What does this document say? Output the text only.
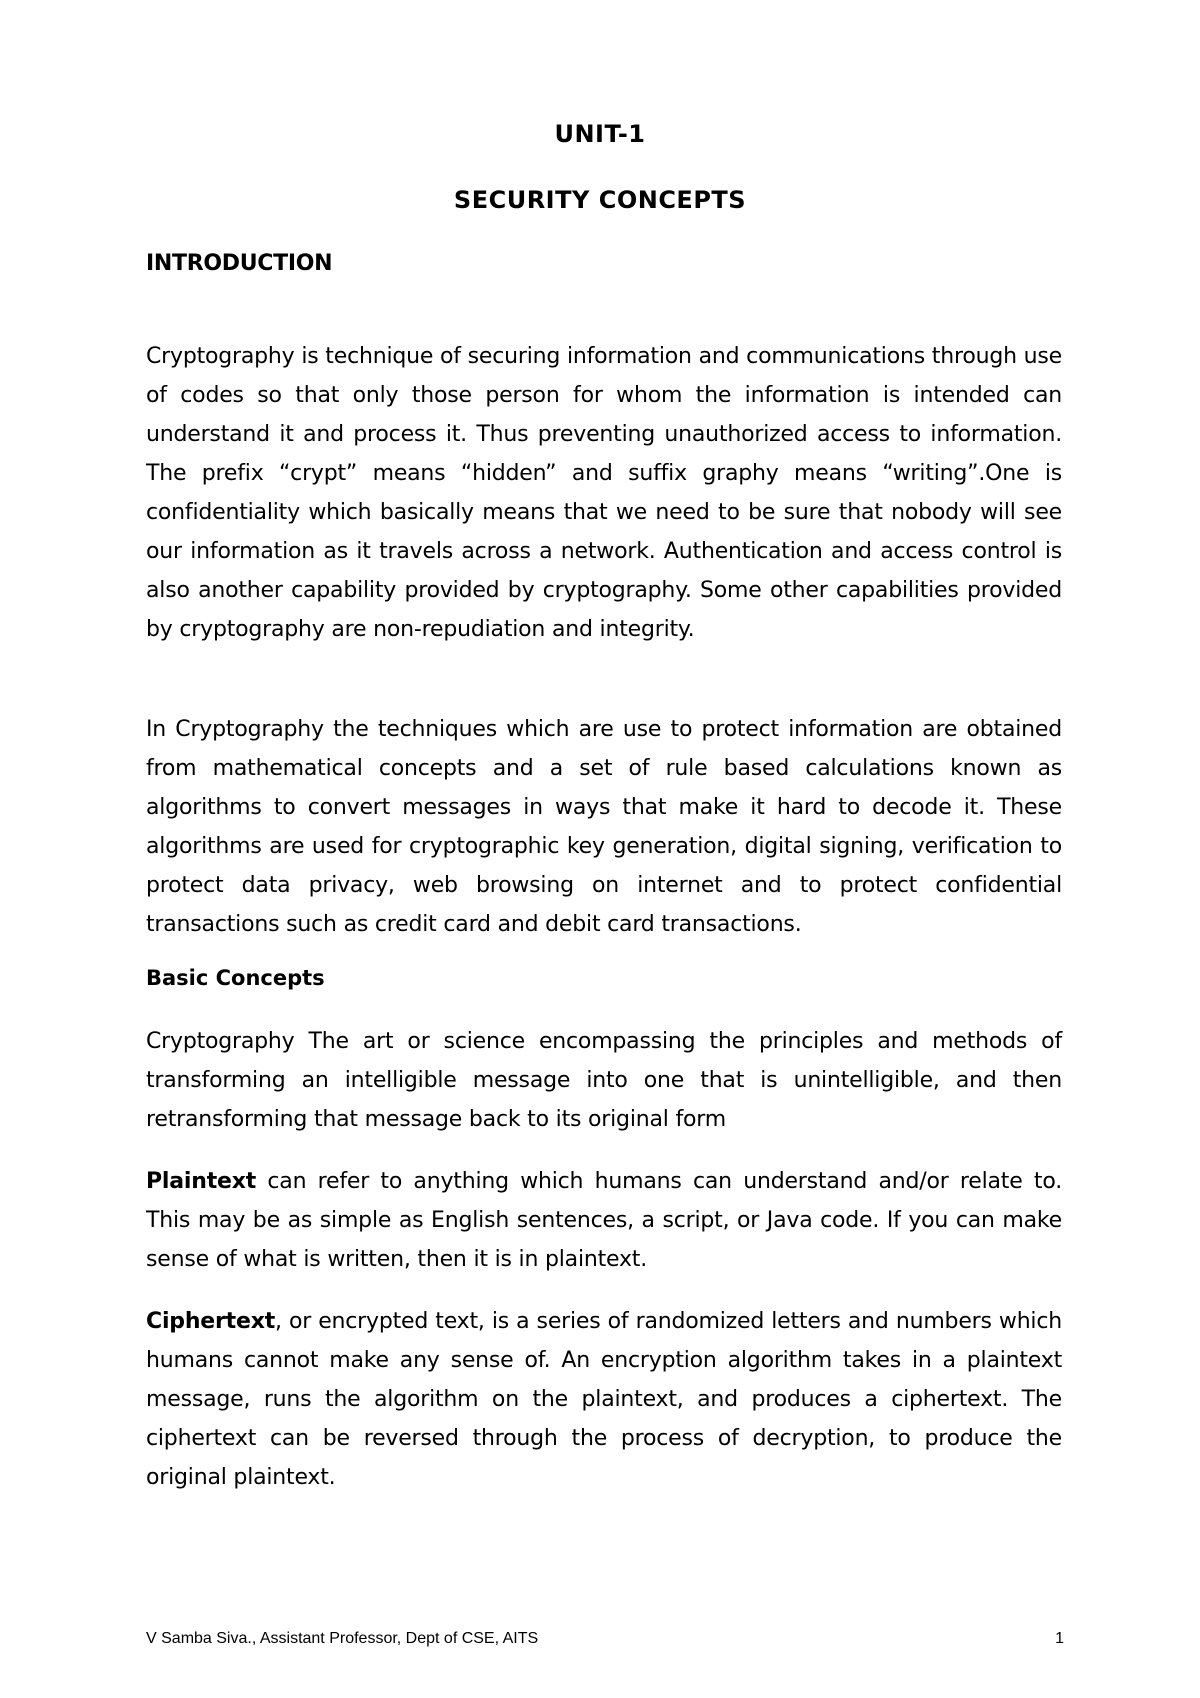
UNIT-1
SECURITY CONCEPTS
INTRODUCTION

Cryptography is technique of securing information and communications through use of codes so that only those person for whom the information is intended can understand it and process it. Thus preventing unauthorized access to information. The prefix “crypt” means “hidden” and suffix graphy means “writing”.One is confidentiality which basically means that we need to be sure that nobody will see our information as it travels across a network. Authentication and access control is also another capability provided by cryptography. Some other capabilities provided by cryptography are non-repudiation and integrity.

In Cryptography the techniques which are use to protect information are obtained from mathematical concepts and a set of rule based calculations known as algorithms to convert messages in ways that make it hard to decode it. These algorithms are used for cryptographic key generation, digital signing, verification to protect data privacy, web browsing on internet and to protect confidential transactions such as credit card and debit card transactions.

Basic Concepts

Cryptography The art or science encompassing the principles and methods of transforming an intelligible message into one that is unintelligible, and then retransforming that message back to its original form

Plaintext can refer to anything which humans can understand and/or relate to. This may be as simple as English sentences, a script, or Java code. If you can make sense of what is written, then it is in plaintext.

Ciphertext, or encrypted text, is a series of randomized letters and numbers which humans cannot make any sense of. An encryption algorithm takes in a plaintext message, runs the algorithm on the plaintext, and produces a ciphertext. The ciphertext can be reversed through the process of decryption, to produce the original plaintext.

V Samba Siva., Assistant Professor, Dept of CSE, AITS	1
